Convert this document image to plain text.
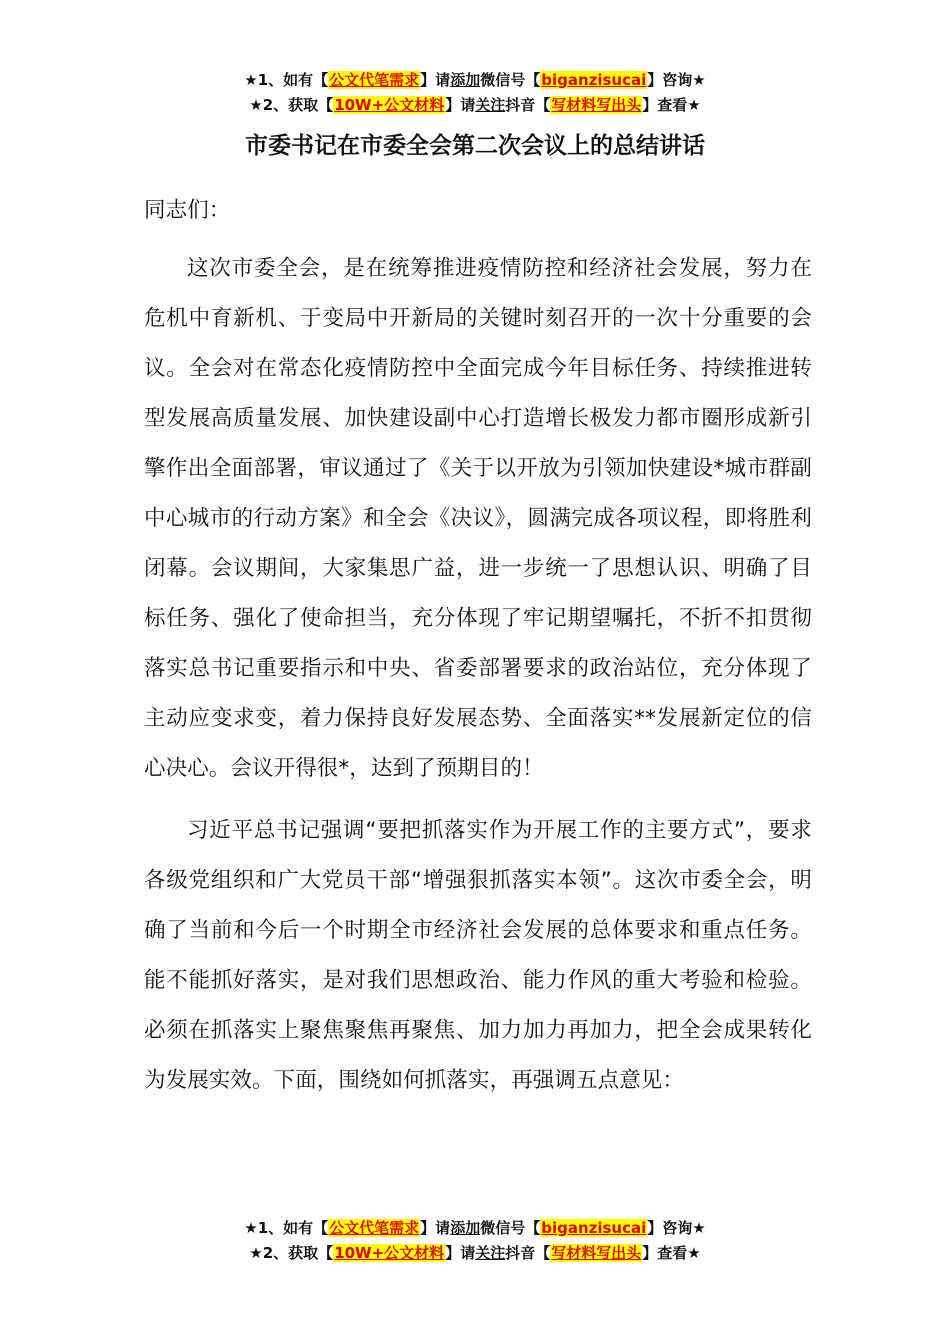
★1、如有【公文代笔需求】请添加微信号【biganzisucai】咨询★
★2、获取【10W+公文材料】请关注抖音【写材料写出头】查看★
市委书记在市委全会第二次会议上的总结讲话

同志们：

这次市委全会，是在统筹推进疫情防控和经济社会发展，努力在危机中育新机、于变局中开新局的关键时刻召开的一次十分重要的会议。全会对在常态化疫情防控中全面完成今年目标任务、持续推进转型发展高质量发展、加快建设副中心打造增长极发力都市圈形成新引擎作出全面部署，审议通过了《关于以开放为引领加快建设*城市群副中心城市的行动方案》和全会《决议》，圆满完成各项议程，即将胜利闭幕。会议期间，大家集思广益，进一步统一了思想认识、明确了目标任务、强化了使命担当，充分体现了牢记期望嘱托，不折不扣贯彻落实总书记重要指示和中央、省委部署要求的政治站位，充分体现了主动应变求变，着力保持良好发展态势、全面落实**发展新定位的信心决心。会议开得很*，达到了预期目的！

习近平总书记强调“要把抓落实作为开展工作的主要方式”，要求各级党组织和广大党员干部“增强狠抓落实本领”。这次市委全会，明确了当前和今后一个时期全市经济社会发展的总体要求和重点任务。能不能抓好落实，是对我们思想政治、能力作风的重大考验和检验。必须在抓落实上聚焦聚焦再聚焦、加力加力再加力，把全会成果转化为发展实效。下面，围绕如何抓落实，再强调五点意见：

★1、如有【公文代笔需求】请添加微信号【biganzisucai】咨询★
★2、获取【10W+公文材料】请关注抖音【写材料写出头】查看★
